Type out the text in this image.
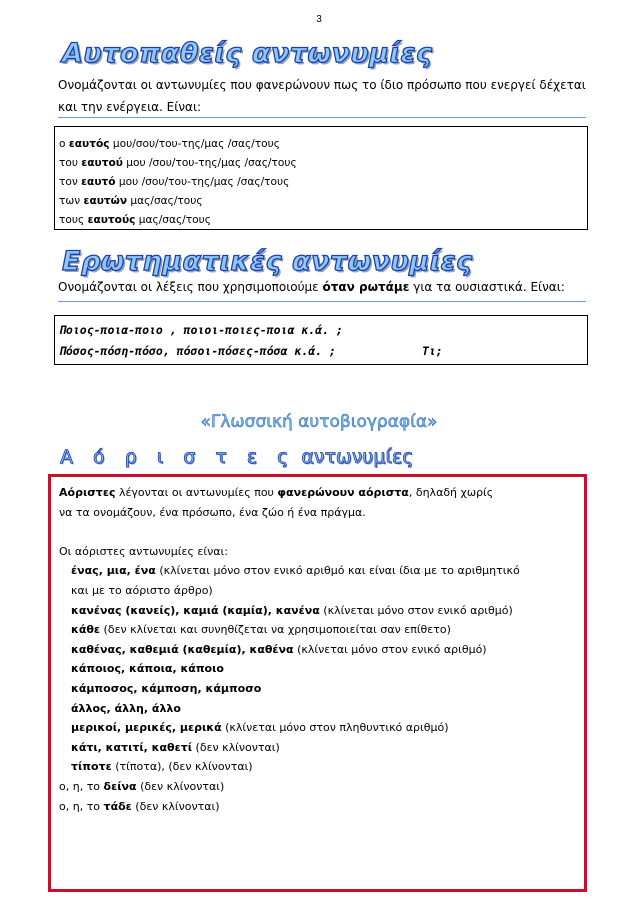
3
Αυτοπαθείς αντωνυμίες
Ονομάζονται οι αντωνυμίες που φανερώνουν πως το ίδιο πρόσωπο που ενεργεί δέχεται και την ενέργεια. Είναι:
ο εαυτός μου/σου/του-της/μας /σας/τους
του εαυτού μου /σου/του-της/μας /σας/τους
τον εαυτό μου /σου/του-της/μας /σας/τους
των εαυτών μας/σας/τους
τους εαυτούς μας/σας/τους
Ερωτηματικές αντωνυμίες
Ονομάζονται οι λέξεις που χρησιμοποιούμε όταν ρωτάμε για τα ουσιαστικά. Είναι:
Ποιος-ποια-ποιο , ποιοι-ποιες-ποια κ.ά. ;
Πόσος-πόση-πόσο, πόσοι-πόσες-πόσα κ.ά. ;	Τι;
«Γλωσσική αυτοβιογραφία»
Α ό ρ ι σ τ ε ς αντωνυμίες
Αόριστες λέγονται οι αντωνυμίες που φανερώνουν αόριστα, δηλαδή χωρίς
να τα ονομάζουν, ένα πρόσωπο, ένα ζώο ή ένα πράγμα.
Οι αόριστες αντωνυμίες είναι:
ένας, μια, ένα (κλίνεται μόνο στον ενικό αριθμό και είναι ίδια με το αριθμητικό
και με το αόριστο άρθρο)
κανένας (κανείς), καμιά (καμία), κανένα (κλίνεται μόνο στον ενικό αριθμό)
κάθε (δεν κλίνεται και συνηθίζεται να χρησιμοποιείται σαν επίθετο)
καθένας, καθεμιά (καθεμία), καθένα (κλίνεται μόνο στον ενικό αριθμό)
κάποιος, κάποια, κάποιο
κάμποσος, κάμποση, κάμποσο
άλλος, άλλη, άλλο
μερικοί, μερικές, μερικά (κλίνεται μόνο στον πληθυντικό αριθμό)
κάτι, κατιτί, καθετί (δεν κλίνονται)
τίποτε (τίποτα), (δεν κλίνονται)
ο, η, το δείνα (δεν κλίνονται)
ο, η, το τάδε (δεν κλίνονται)
